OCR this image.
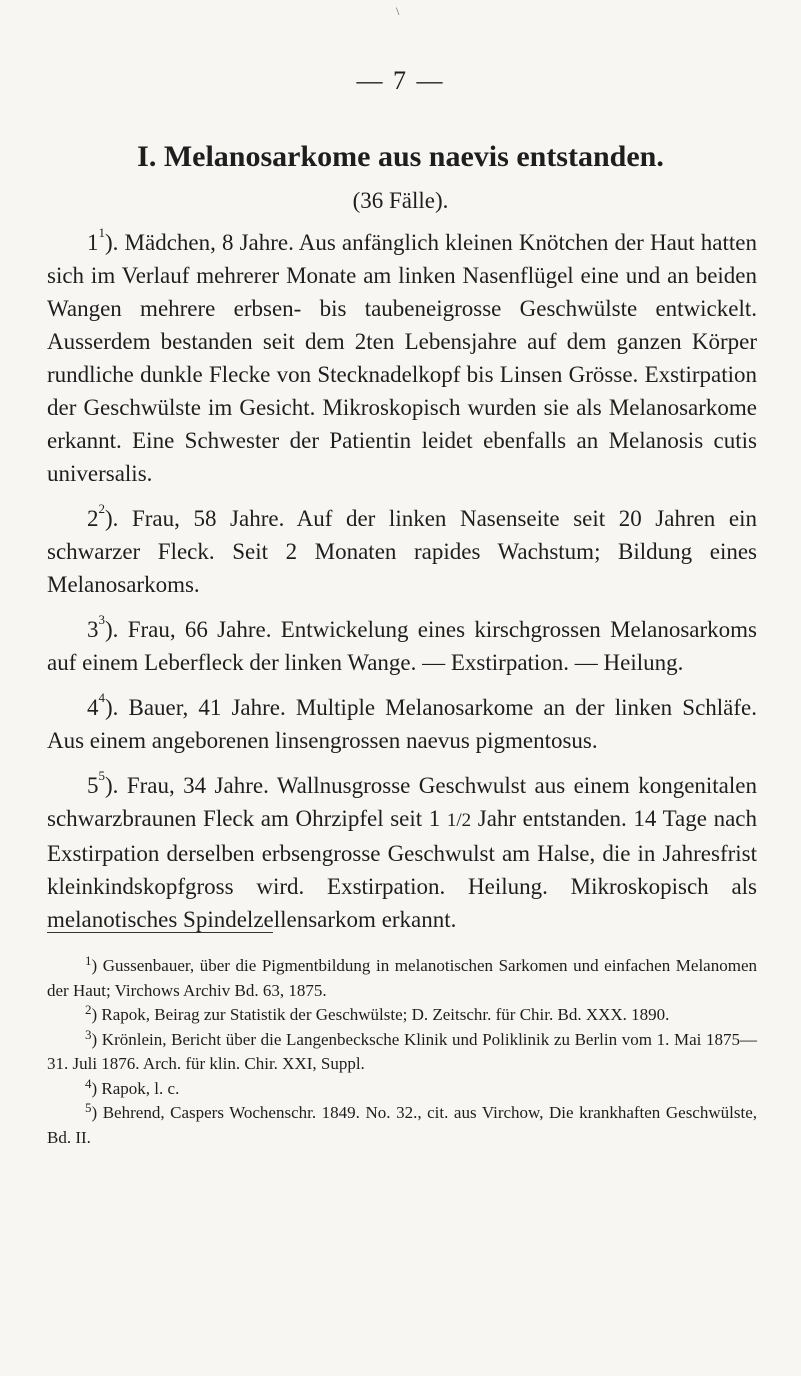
— 7 —
I. Melanosarkome aus naevis entstanden.
(36 Fälle).

$1^1$). Mädchen, 8 Jahre. Aus anfänglich kleinen Knötchen der Haut hatten sich im Verlauf mehrerer Monate am linken Nasenflügel eine und an beiden Wangen mehrere erbsen- bis taubeneigrosse Geschwülste entwickelt. Ausserdem bestanden seit dem 2ten Lebensjahre auf dem ganzen Körper rundliche dunkle Flecke von Stecknadelkopf bis Linsen Grösse. Exstirpation der Geschwülste im Gesicht. Mikroskopisch wurden sie als Melanosarkome erkannt. Eine Schwester der Patientin leidet ebenfalls an Melanosis cutis universalis.

$2^2$). Frau, 58 Jahre. Auf der linken Nasenseite seit 20 Jahren ein schwarzer Fleck. Seit 2 Monaten rapides Wachstum; Bildung eines Melanosarkoms.

$3^3$). Frau, 66 Jahre. Entwickelung eines kirschgrossen Melanosarkoms auf einem Leberfleck der linken Wange. — Exstirpation. — Heilung.

$4^4$). Bauer, 41 Jahre. Multiple Melanosarkome an der linken Schläfe. Aus einem angeborenen linsengrossen naevus pigmentosus.

$5^5$). Frau, 34 Jahre. Wallnusgrosse Geschwulst aus einem kongenitalen schwarzbraunen Fleck am Ohrzipfel seit 1 1/2 Jahr entstanden. 14 Tage nach Exstirpation derselben erbsengrosse Geschwulst am Halse, die in Jahresfrist kleinkindskopfgross wird. Exstirpation. Heilung. Mikroskopisch als melanotisches Spindelzellensarkom erkannt.

$^1$) Gussenbauer, über die Pigmentbildung in melanotischen Sarkomen und einfachen Melanomen der Haut; Virchows Archiv Bd. 63, 1875.

$^2$) Rapok, Beirag zur Statistik der Geschwülste; D. Zeitschr. für Chir. Bd. XXX. 1890.

$^3$) Krönlein, Bericht über die Langenbecksche Klinik und Poliklinik zu Berlin vom 1. Mai 1875—31. Juli 1876. Arch. für klin. Chir. XXI, Suppl.

$^4$) Rapok, l. c.

$^5$) Behrend, Caspers Wochenschr. 1849. No. 32., cit. aus Virchow, Die krankhaften Geschwülste, Bd. II.

\
